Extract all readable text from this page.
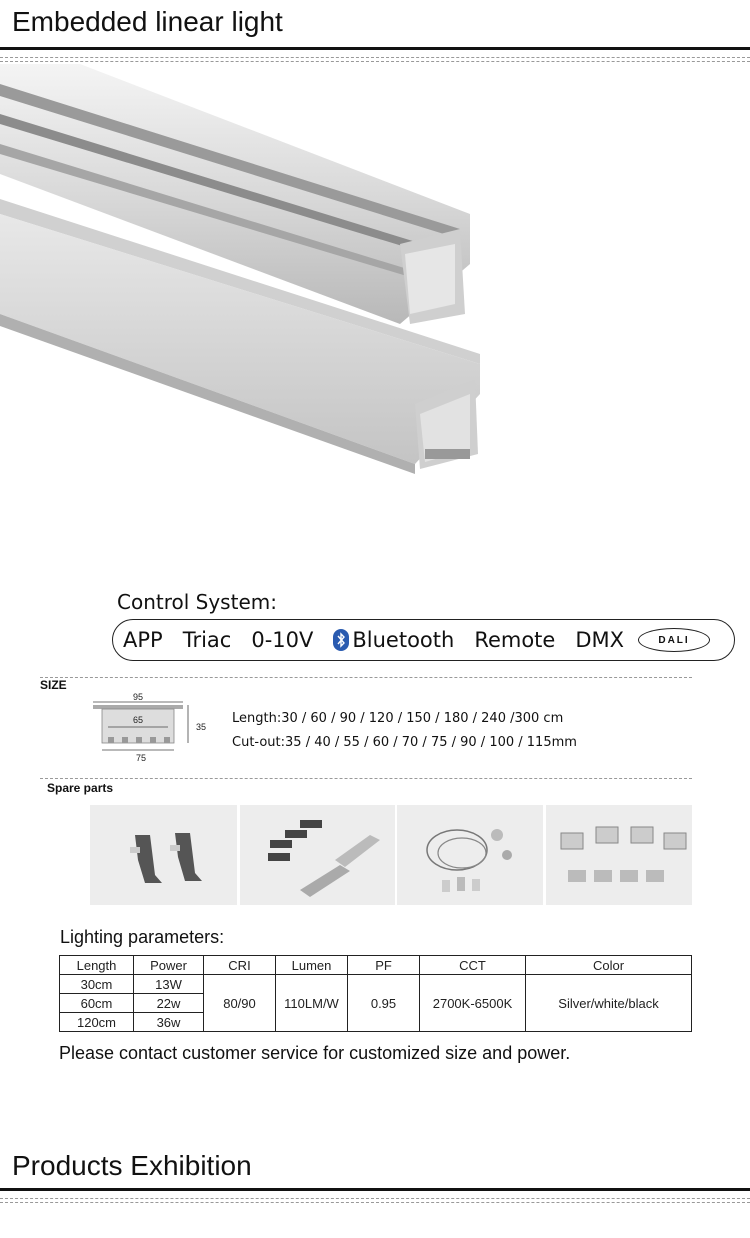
Embedded linear light
Control System:
APP Triac 0-10V Bluetooth Remote DMX	DALI
SIZE
95
65
35
75
Length:30 / 60 / 90 / 120 / 150 / 180 / 240 /300 cm
Cut-out:35 / 40 / 55 / 60 / 70 / 75 / 90 / 100 / 115mm
Spare parts
Lighting parameters:
Length	Power	CRI	Lumen	PF	CCT	Color
30cm	13W	80/90	110LM/W	0.95	2700K-6500K	Silver/white/black
60cm	22w					
120cm	36w					
Please contact customer service for customized size and power.
Products Exhibition
